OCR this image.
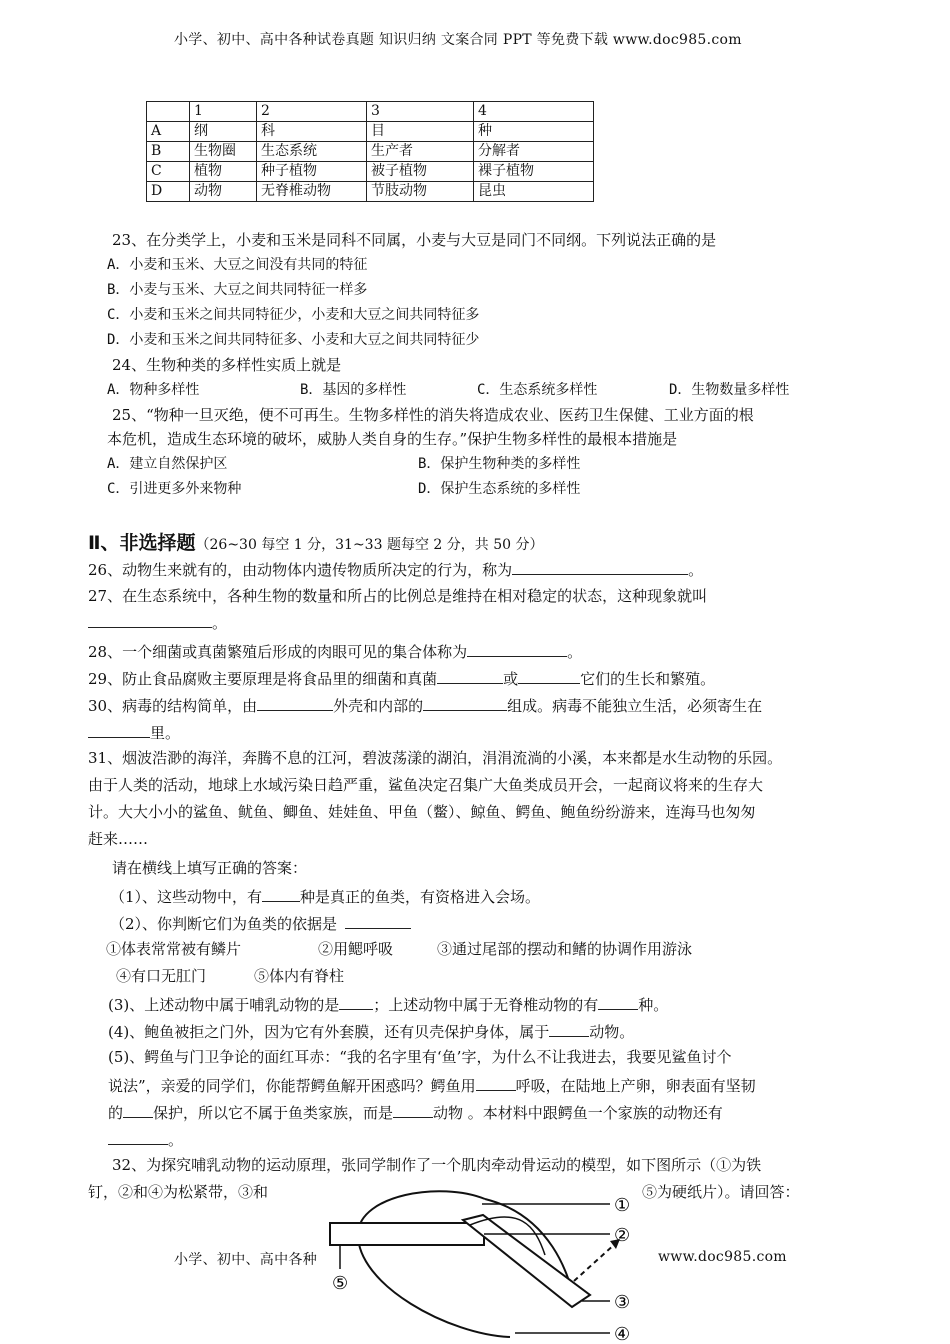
小学、初中、高中各种试卷真题 知识归纳 文案合同 PPT 等免费下载 www.doc985.com
	1	2	3	4
A	纲	科	目	种
B	生物圈	生态系统	生产者	分解者
C	植物	种子植物	被子植物	裸子植物
D	动物	无脊椎动物	节肢动物	昆虫
23、在分类学上，小麦和玉米是同科不同属，小麦与大豆是同门不同纲。下列说法正确的是
A．小麦和玉米、大豆之间没有共同的特征
B．小麦与玉米、大豆之间共同特征一样多
C．小麦和玉米之间共同特征少，小麦和大豆之间共同特征多
D．小麦和玉米之间共同特征多、小麦和大豆之间共同特征少
24、生物种类的多样性实质上就是
A．物种多样性	B．基因的多样性	C．生态系统多样性	D．生物数量多样性
25、“物种一旦灭绝，便不可再生。生物多样性的消失将造成农业、医药卫生保健、工业方面的根
本危机，造成生态环境的破坏，威胁人类自身的生存。”保护生物多样性的最根本措施是
A．建立自然保护区	B．保护生物种类的多样性
C．引进更多外来物种	D．保护生态系统的多样性
Ⅱ、非选择题（26~30 每空 1 分，31~33 题每空 2 分，共 50 分）
26、动物生来就有的，由动物体内遗传物质所决定的行为，称为	。
27、在生态系统中，各种生物的数量和所占的比例总是维持在相对稳定的状态，这种现象就叫
。
28、一个细菌或真菌繁殖后形成的肉眼可见的集合体称为	。
29、防止食品腐败主要原理是将食品里的细菌和真菌	或	它们的生长和繁殖。
30、病毒的结构简单，由	外壳和内部的	组成。病毒不能独立生活，必须寄生在
里。
31、烟波浩渺的海洋，奔腾不息的江河，碧波荡漾的湖泊，涓涓流淌的小溪，本来都是水生动物的乐园。
由于人类的活动，地球上水域污染日趋严重，鲨鱼决定召集广大鱼类成员开会，一起商议将来的生存大
计。大大小小的鲨鱼、鱿鱼、鲫鱼、娃娃鱼、甲鱼（鳖）、鲸鱼、鳄鱼、鲍鱼纷纷游来，连海马也匆匆
赶来……
请在横线上填写正确的答案：
（1）、这些动物中，有	种是真正的鱼类，有资格进入会场。
（2）、你判断它们为鱼类的依据是
①体表常常被有鳞片	②用鳃呼吸	③通过尾部的摆动和鳍的协调作用游泳
④有口无肛门	⑤体内有脊柱
(3)、上述动物中属于哺乳动物的是 ；上述动物中属于无脊椎动物的有	种。
(4)、鲍鱼被拒之门外，因为它有外套膜，还有贝壳保护身体，属于	动物。
(5)、鳄鱼与门卫争论的面红耳赤：“我的名字里有‘鱼’字，为什么不让我进去，我要见鲨鱼讨个
说法”，亲爱的同学们，你能帮鳄鱼解开困惑吗？鳄鱼用	呼吸，在陆地上产卵，卵表面有坚韧
的 保护，所以它不属于鱼类家族，而是	动物 。本材料中跟鳄鱼一个家族的动物还有
。
32、为探究哺乳动物的运动原理，张同学制作了一个肌肉牵动骨运动的模型，如下图所示（①为铁
钉，②和④为松紧带，③和	⑤为硬纸片）。请回答：
①
②
③
④
⑤
小学、初中、高中各种	www.doc985.com
